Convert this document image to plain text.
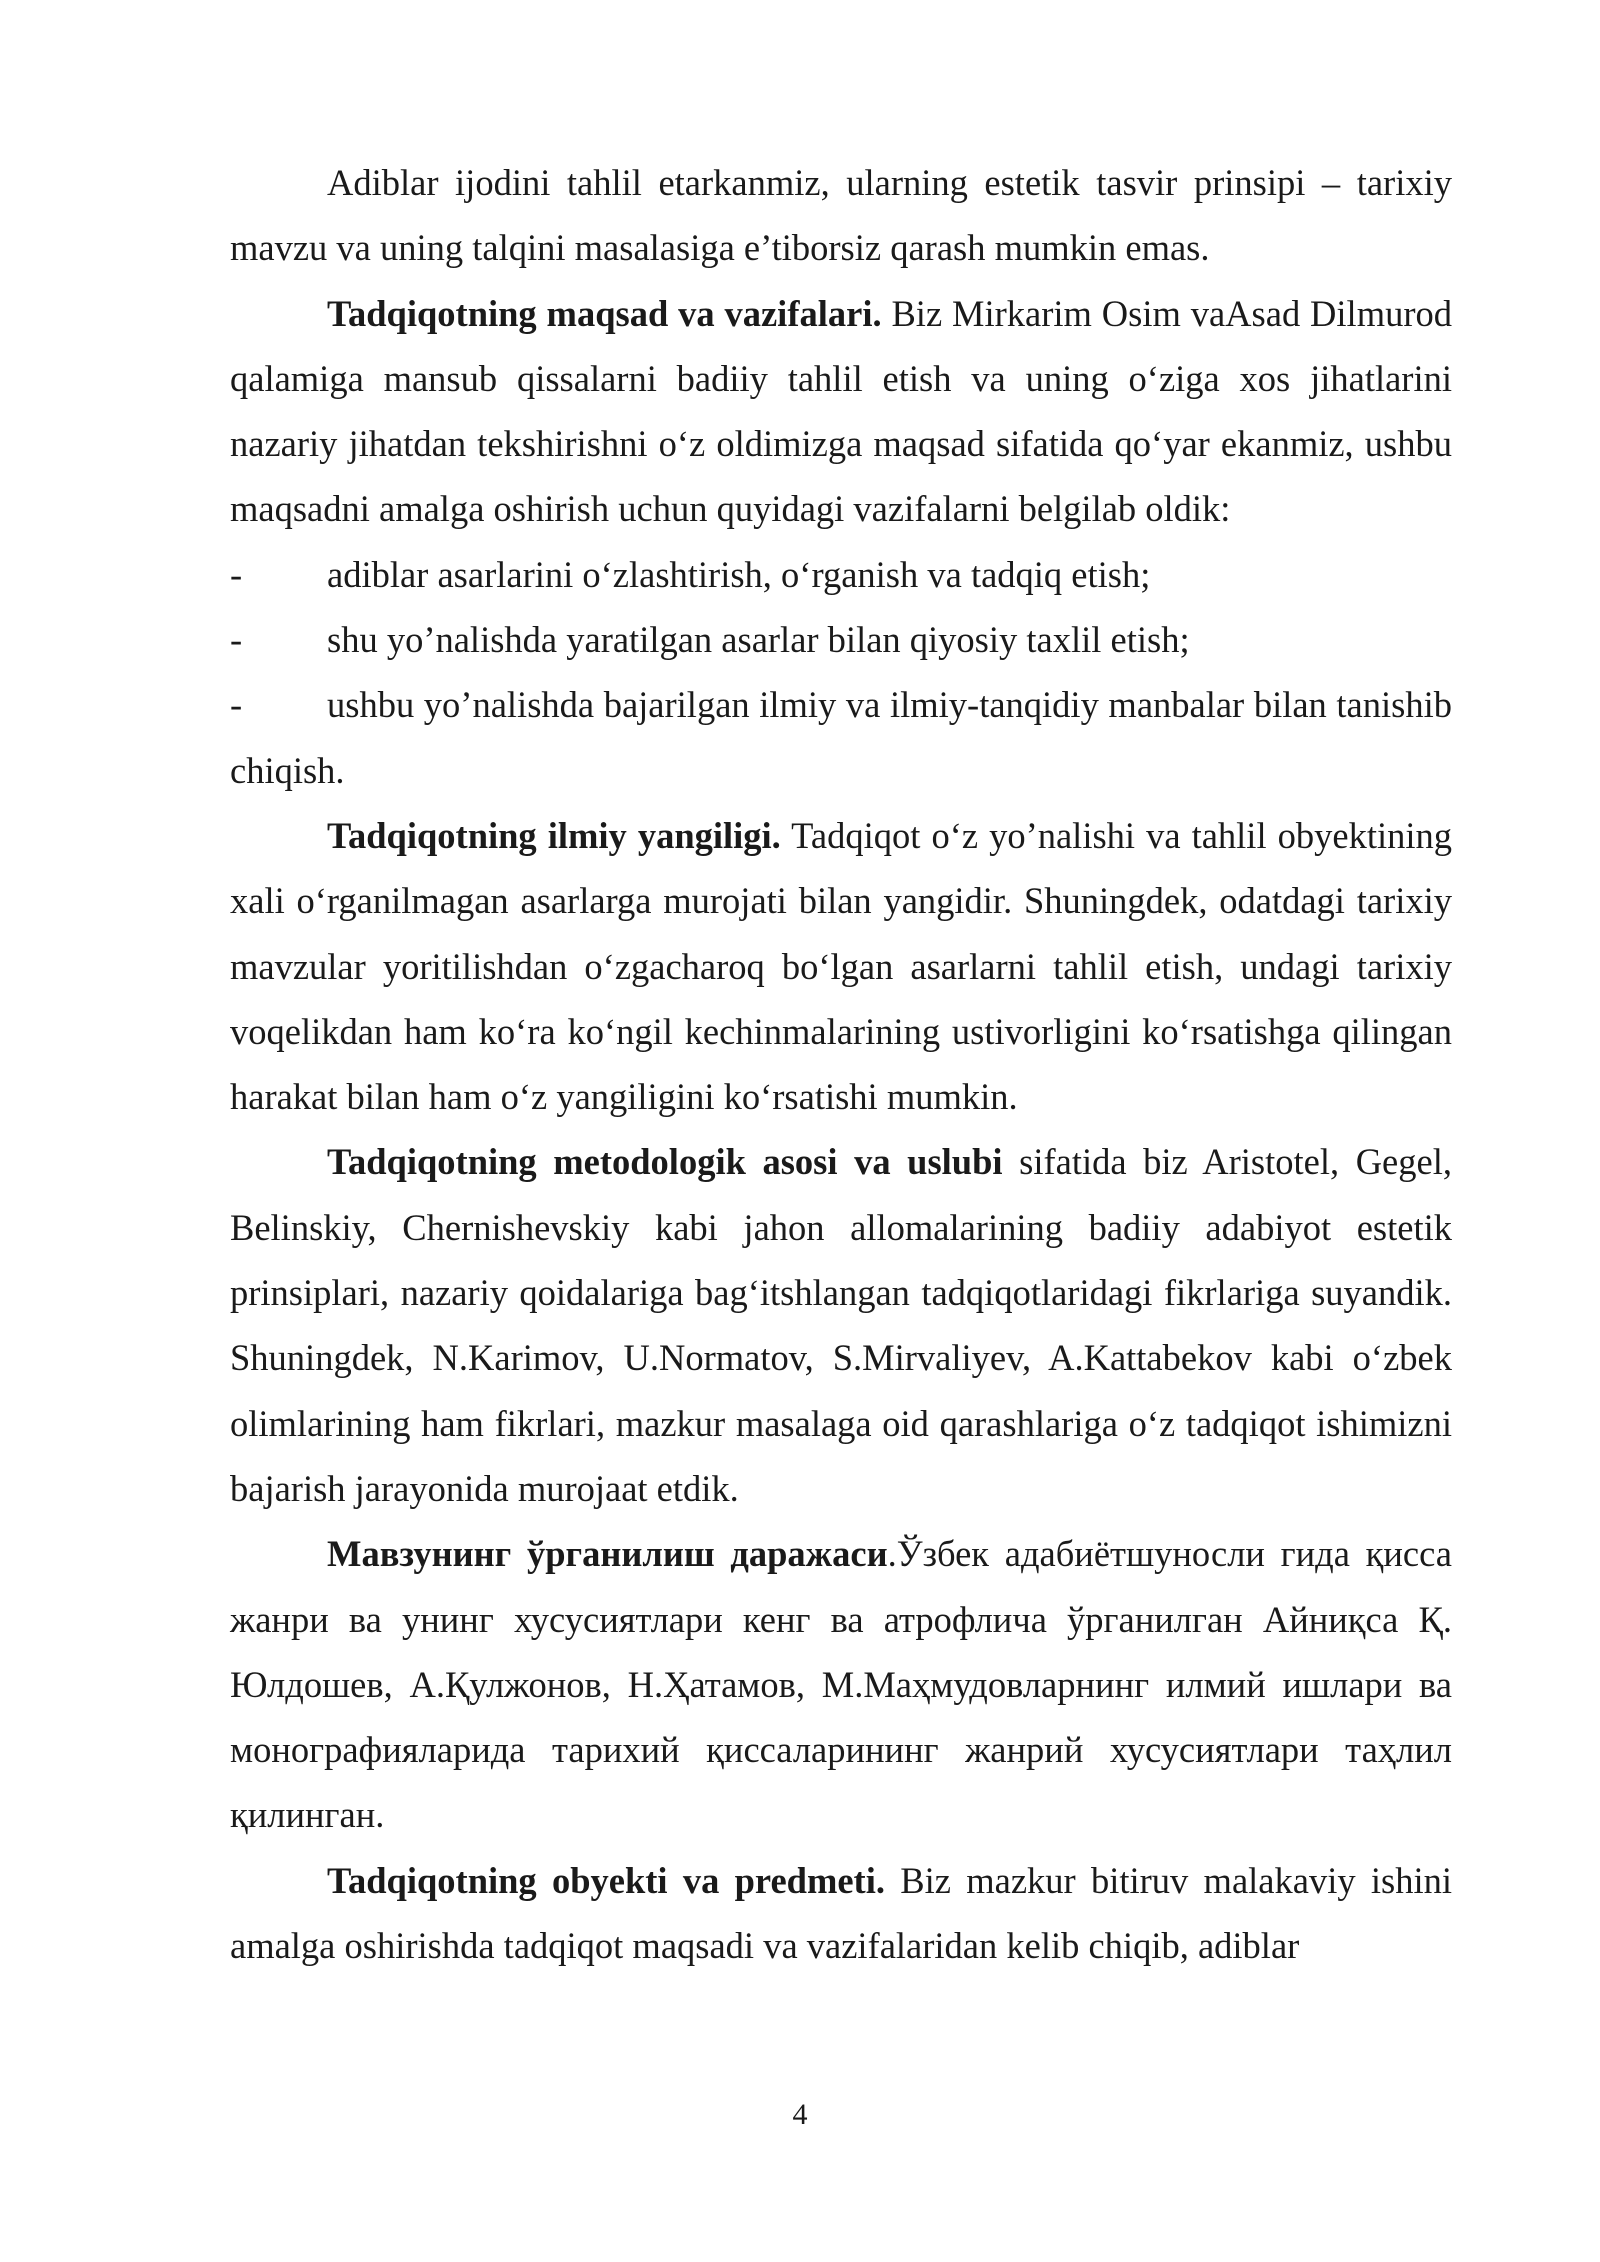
Adiblar ijodini tahlil etarkanmiz, ularning estetik tasvir prinsipi – tarixiy mavzu va uning talqini masalasiga e’tiborsiz qarash mumkin emas.

Tadqiqotning maqsad va vazifalari. Biz Mirkarim Osim vaAsad Dilmurod qalamiga mansub qissalarni badiiy tahlil etish va uning o‘ziga xos jihatlarini nazariy jihatdan tekshirishni o‘z oldimizga maqsad sifatida qo‘yar ekanmiz, ushbu maqsadni amalga oshirish uchun quyidagi vazifalarni belgilab oldik:

- adiblar asarlarini o‘zlashtirish, o‘rganish va tadqiq etish;

- shu yo’nalishda yaratilgan asarlar bilan qiyosiy taxlil etish;

- ushbu yo’nalishda bajarilgan ilmiy va ilmiy-tanqidiy manbalar bilan tanishib chiqish.

Tadqiqotning ilmiy yangiligi. Tadqiqot o‘z yo’nalishi va tahlil obyektining xali o‘rganilmagan asarlarga murojati bilan yangidir. Shuningdek, odatdagi tarixiy mavzular yoritilishdan o‘zgacharoq bo‘lgan asarlarni tahlil etish, undagi tarixiy voqelikdan ham ko‘ra ko‘ngil kechinmalarining ustivorligini ko‘rsatishga qilingan harakat bilan ham o‘z yangiligini ko‘rsatishi mumkin.

Tadqiqotning metodologik asosi va uslubi sifatida biz Aristotel, Gegel, Belinskiy, Chernishevskiy kabi jahon allomalarining badiiy adabiyot estetik prinsiplari, nazariy qoidalariga bag‘itshlangan tadqiqotlaridagi fikrlariga suyandik. Shuningdek, N.Karimov, U.Normatov, S.Mirvaliyev, A.Kattabekov kabi o‘zbek olimlarining ham fikrlari, mazkur masalaga oid qarashlariga o‘z tadqiqot ishimizni bajarish jarayonida murojaat etdik.

Мавзунинг ўрганилиш даражаси.Ўзбек адабиётшуносли гида қисса жанри ва унинг хусусиятлари кенг ва атрофлича ўрганилган Айниқса Қ. Юлдошев, А.Қулжонов, Н.Ҳатамов, М.Маҳмудовларнинг илмий ишлари ва монографияларида тарихий қиссаларининг жанрий хусусиятлари таҳлил қилинган.

Tadqiqotning obyekti va predmeti. Biz mazkur bitiruv malakaviy ishini amalga oshirishda tadqiqot maqsadi va vazifalaridan kelib chiqib, adiblar

4
